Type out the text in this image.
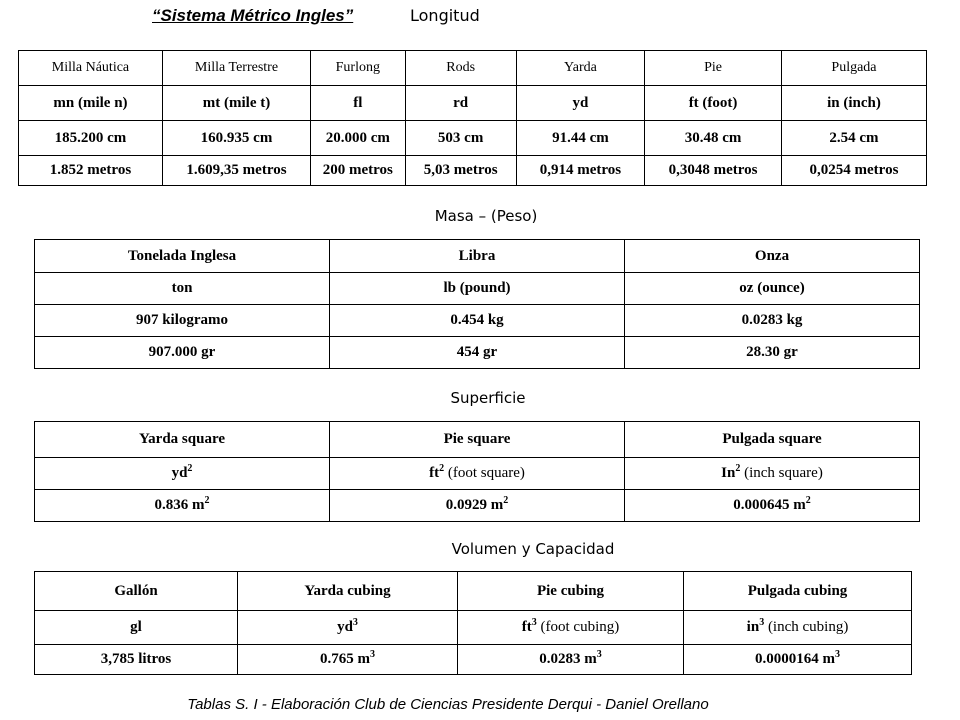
“Sistema Métrico Ingles”	Longitud
Milla Náutica	Milla Terrestre	Furlong	Rods	Yarda	Pie	Pulgada
mn (mile n)	mt (mile t)	fl	rd	yd	ft (foot)	in (inch)
185.200 cm	160.935 cm	20.000 cm	503 cm	91.44 cm	30.48 cm	2.54 cm
1.852 metros	1.609,35 metros	200 metros	5,03 metros	0,914 metros	0,3048 metros	0,0254 metros
Masa – (Peso)
Tonelada Inglesa	Libra	Onza
ton	lb (pound)	oz (ounce)
907 kilogramo	0.454 kg	0.0283 kg
907.000 gr	454 gr	28.30 gr
Superficie
Yarda square	Pie square	Pulgada square
$yd^2$	$ft^2$ (foot square)	In$^2$ (inch square)
0.836 $m^2$	0.0929 $m^2$	0.000645 $m^2$
Volumen y Capacidad
Gallón	Yarda cubing	Pie cubing	Pulgada cubing
gl	$yd^3$	$ft^3$ (foot cubing)	$in^3$ (inch cubing)
3,785 litros	0.765 $m^3$	0.0283 $m^3$	0.0000164 $m^3$
Tablas S. I - Elaboración Club de Ciencias Presidente Derqui - Daniel Orellano
